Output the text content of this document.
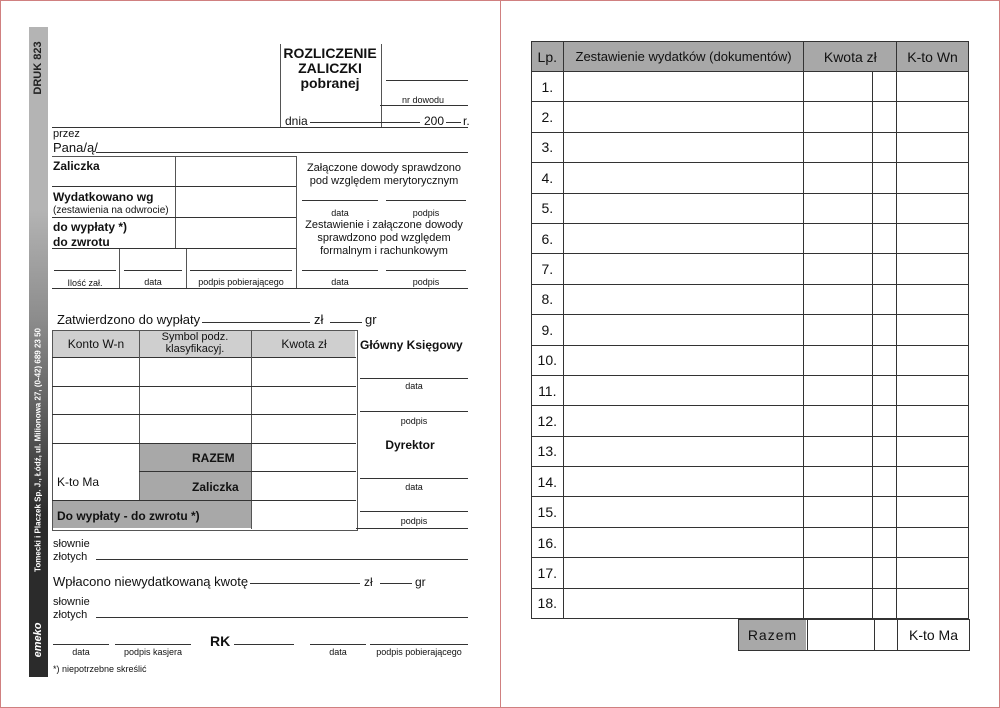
DRUK 823
Tomecki i Placzek Sp. J., Łódź, ul. Milionowa 27, (0-42) 689 23 50
emeko
ROZLICZENIE
ZALICZKI
pobranej
nr dowodu
dnia	200 r.
przez
Pana/ą/
Zaliczka
Wydatkowano wg
(zestawienia na odwrocie)
do wypłaty *)
do zwrotu
Ilość zał.	data	podpis pobierającego
Załączone dowody sprawdzono pod względem merytorycznym
data	podpis
Zestawienie i załączone dowody sprawdzono pod względem formalnym i rachunkowym
data	podpis
Zatwierdzono do wypłaty	zł	gr
Konto W-n	Symbol podz. klasyfikacyj.	Kwota zł
RAZEM
Zaliczka
K-to Ma
Do wypłaty - do zwrotu *)
Główny Księgowy
data
podpis
Dyrektor
data
podpis
słownie
złotych
Wpłacono niewydatkowaną kwotę	zł	gr
słownie
złotych
RK
data	podpis kasjera	data	podpis pobierającego
*) niepotrzebne skreślić
Lp.	Zestawienie wydatków (dokumentów)	Kwota zł		K-to Wn
1.				
2.				
3.				
4.				
5.				
6.				
7.				
8.				
9.				
10.				
11.				
12.				
13.				
14.				
15.				
16.				
17.				
18.				
Razem	K-to Ma
